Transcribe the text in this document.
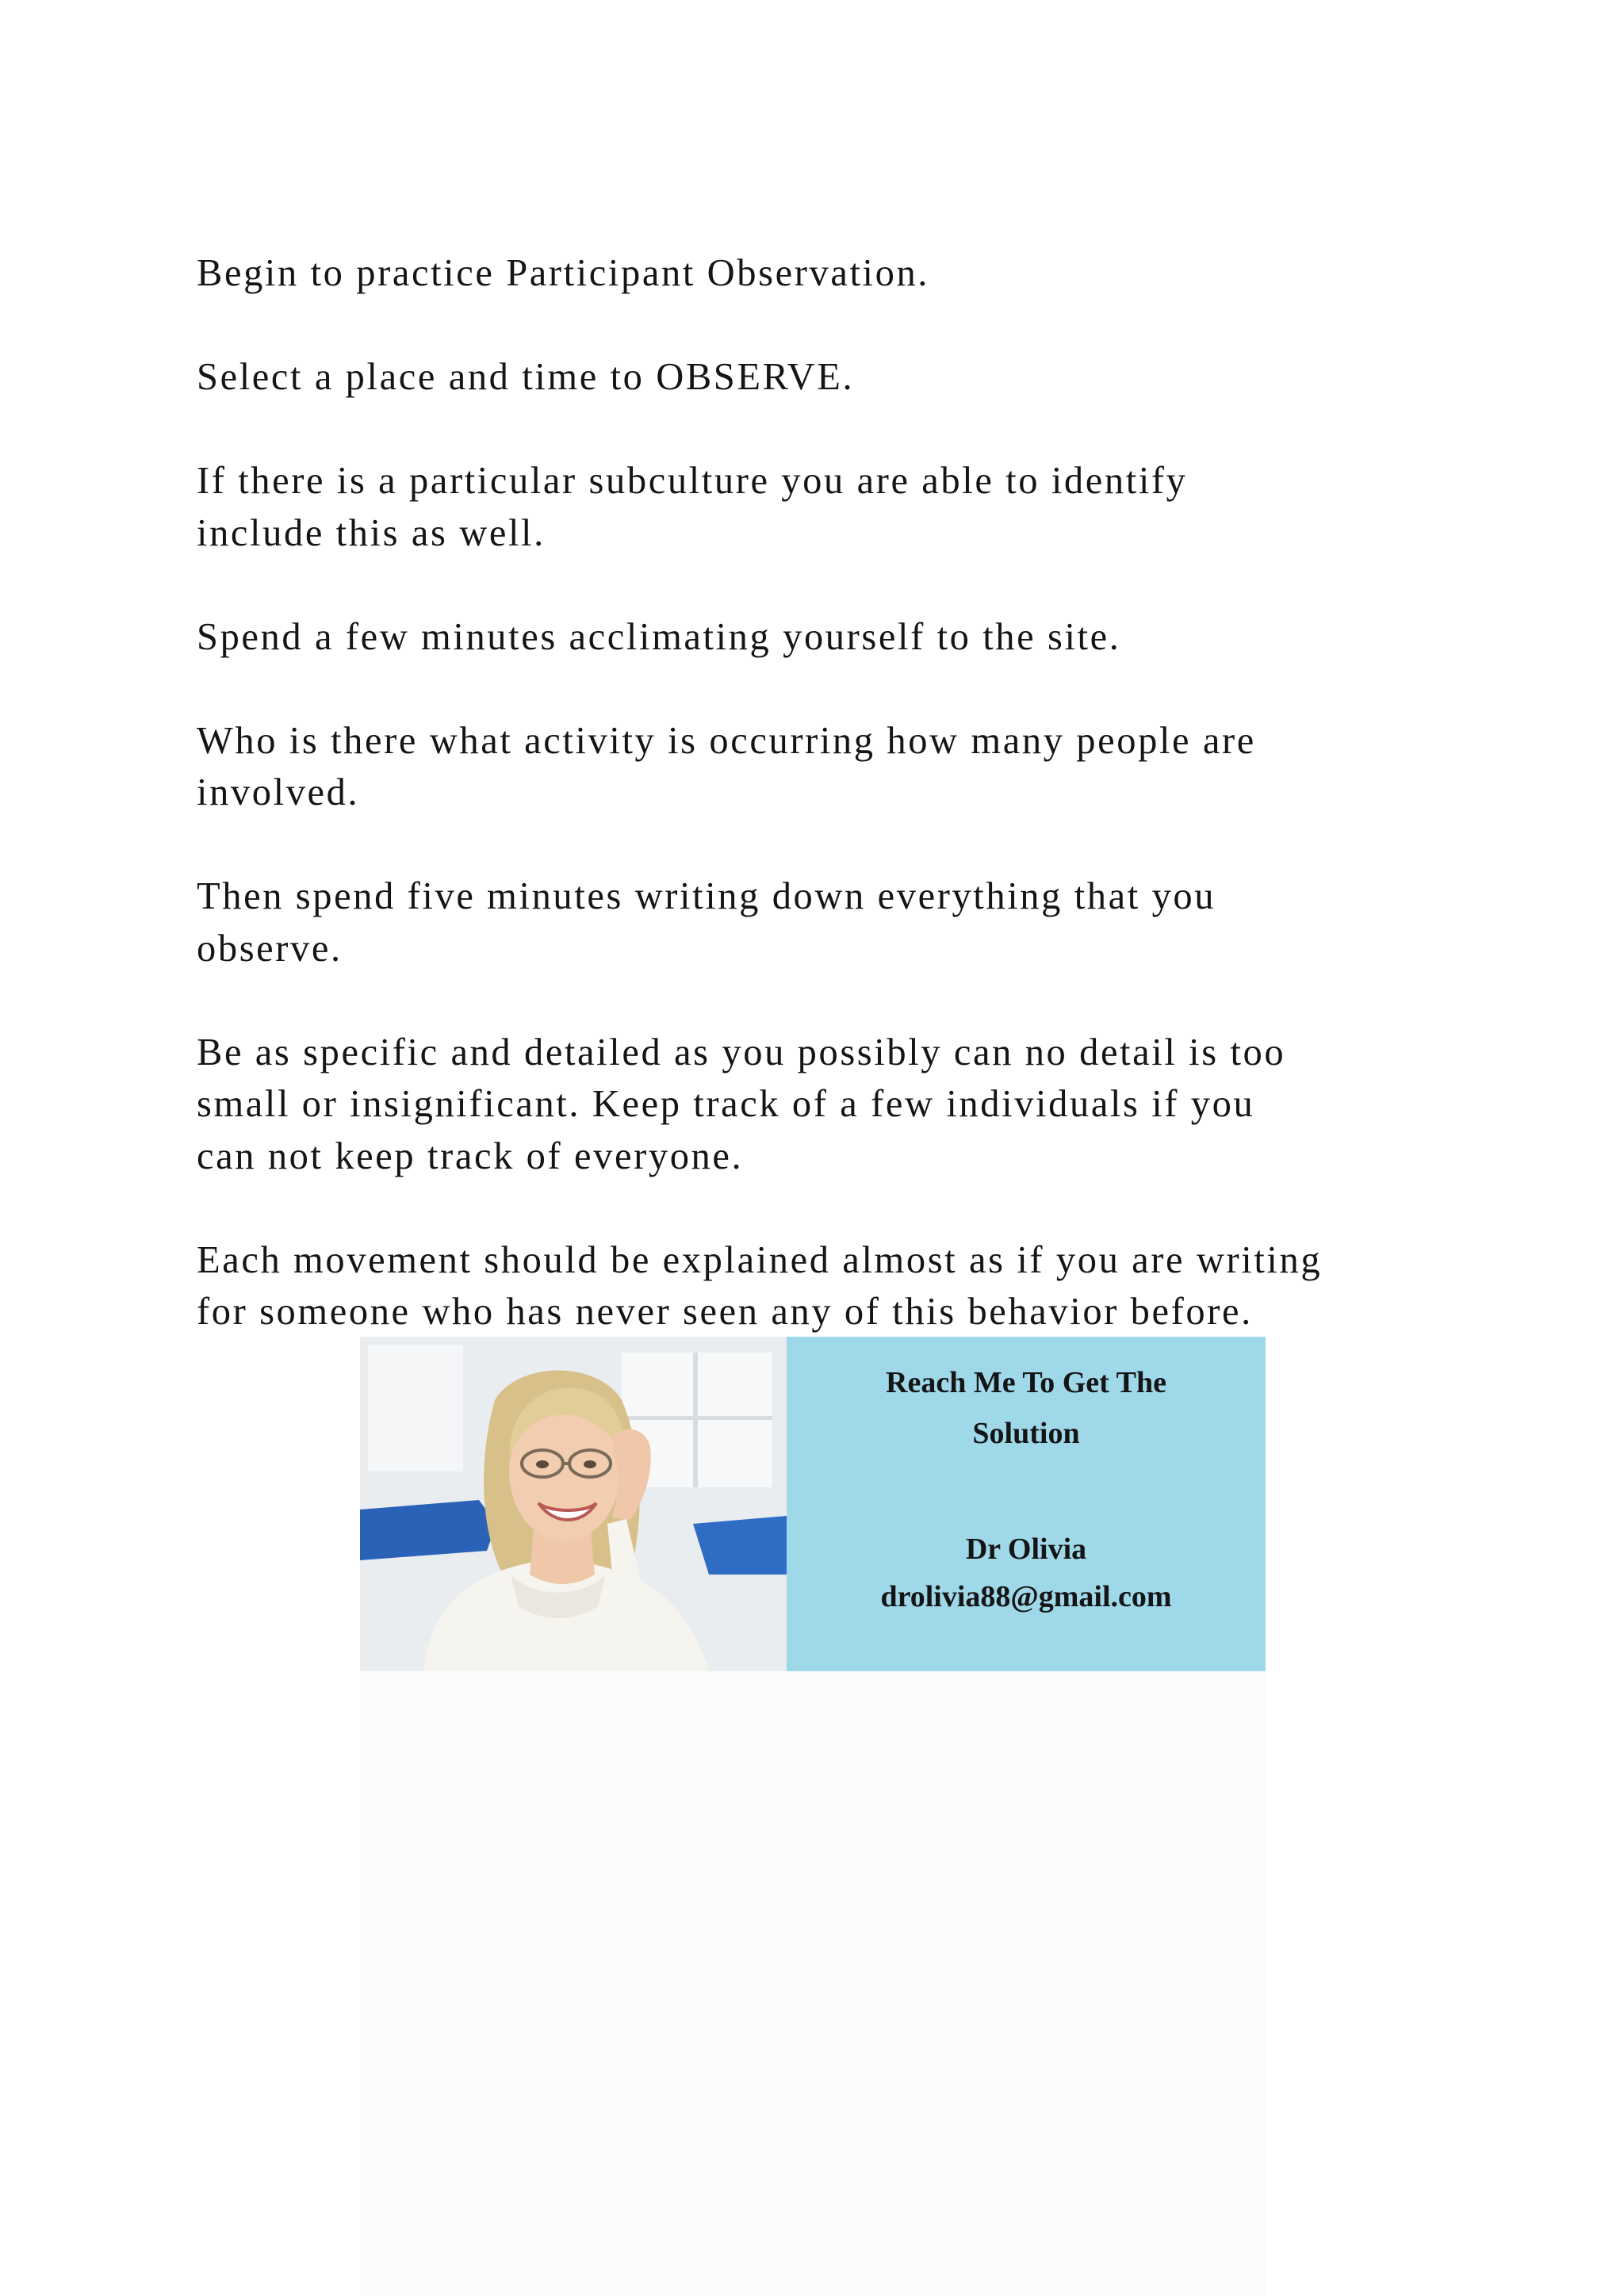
Begin to practice Participant Observation.

Select a place and time to OBSERVE.

If there is a particular subculture you are able to identify
include this as well.

Spend a few minutes acclimating yourself to the site.

Who is there what activity is occurring how many people are
involved.

Then spend five minutes writing down everything that you
observe.

Be as specific and detailed as you possibly can no detail is too
small or insignificant. Keep track of a few individuals if you
can not keep track of everyone.

Each movement should be explained almost as if you are writing
for someone who has never seen any of this behavior before.

Reach Me To Get The
Solution
Dr Olivia
drolivia88@gmail.com
